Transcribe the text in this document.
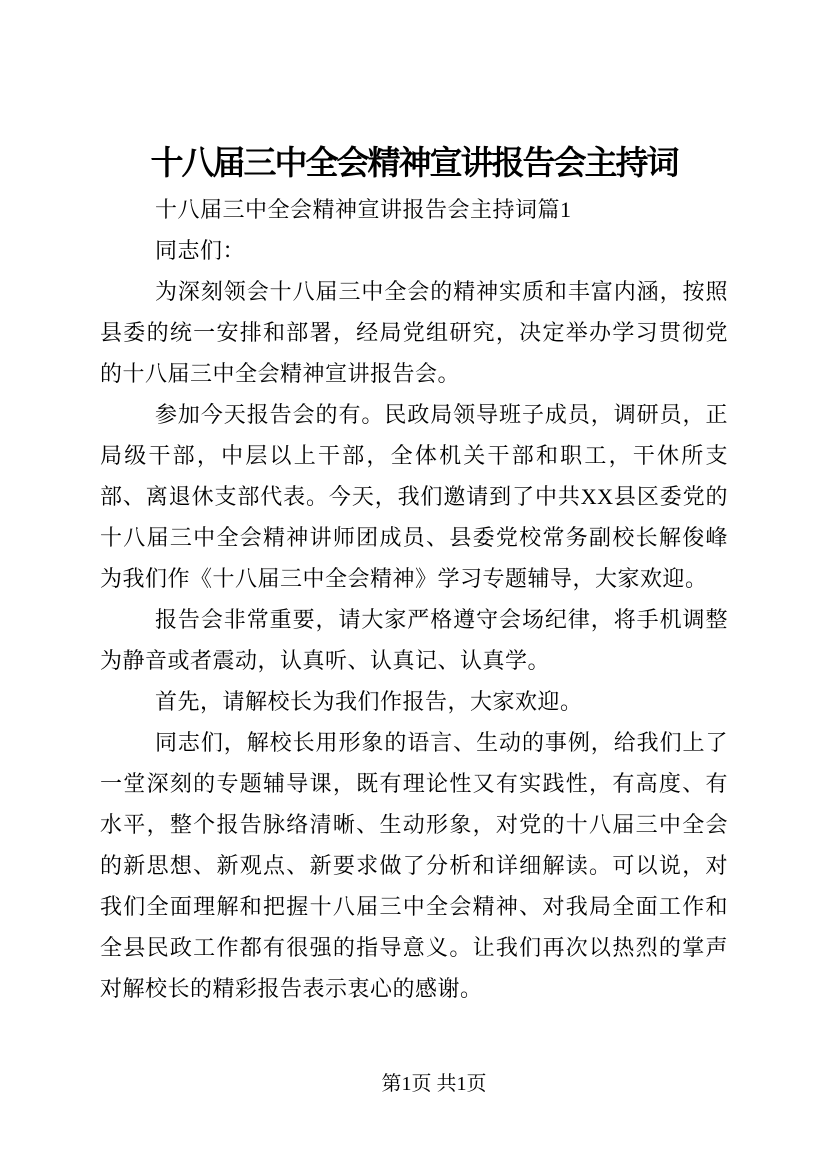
十八届三中全会精神宣讲报告会主持词

十八届三中全会精神宣讲报告会主持词篇1

同志们：

为深刻领会十八届三中全会的精神实质和丰富内涵，按照县委的统一安排和部署，经局党组研究，决定举办学习贯彻党的十八届三中全会精神宣讲报告会。

参加今天报告会的有。民政局领导班子成员，调研员，正局级干部，中层以上干部，全体机关干部和职工，干休所支部、离退休支部代表。今天，我们邀请到了中共XX县区委党的十八届三中全会精神讲师团成员、县委党校常务副校长解俊峰为我们作《十八届三中全会精神》学习专题辅导，大家欢迎。

报告会非常重要，请大家严格遵守会场纪律，将手机调整为静音或者震动，认真听、认真记、认真学。

首先，请解校长为我们作报告，大家欢迎。

同志们，解校长用形象的语言、生动的事例，给我们上了一堂深刻的专题辅导课，既有理论性又有实践性，有高度、有水平，整个报告脉络清晰、生动形象，对党的十八届三中全会的新思想、新观点、新要求做了分析和详细解读。可以说，对我们全面理解和把握十八届三中全会精神、对我局全面工作和全县民政工作都有很强的指导意义。让我们再次以热烈的掌声对解校长的精彩报告表示衷心的感谢。

第1页 共1页
